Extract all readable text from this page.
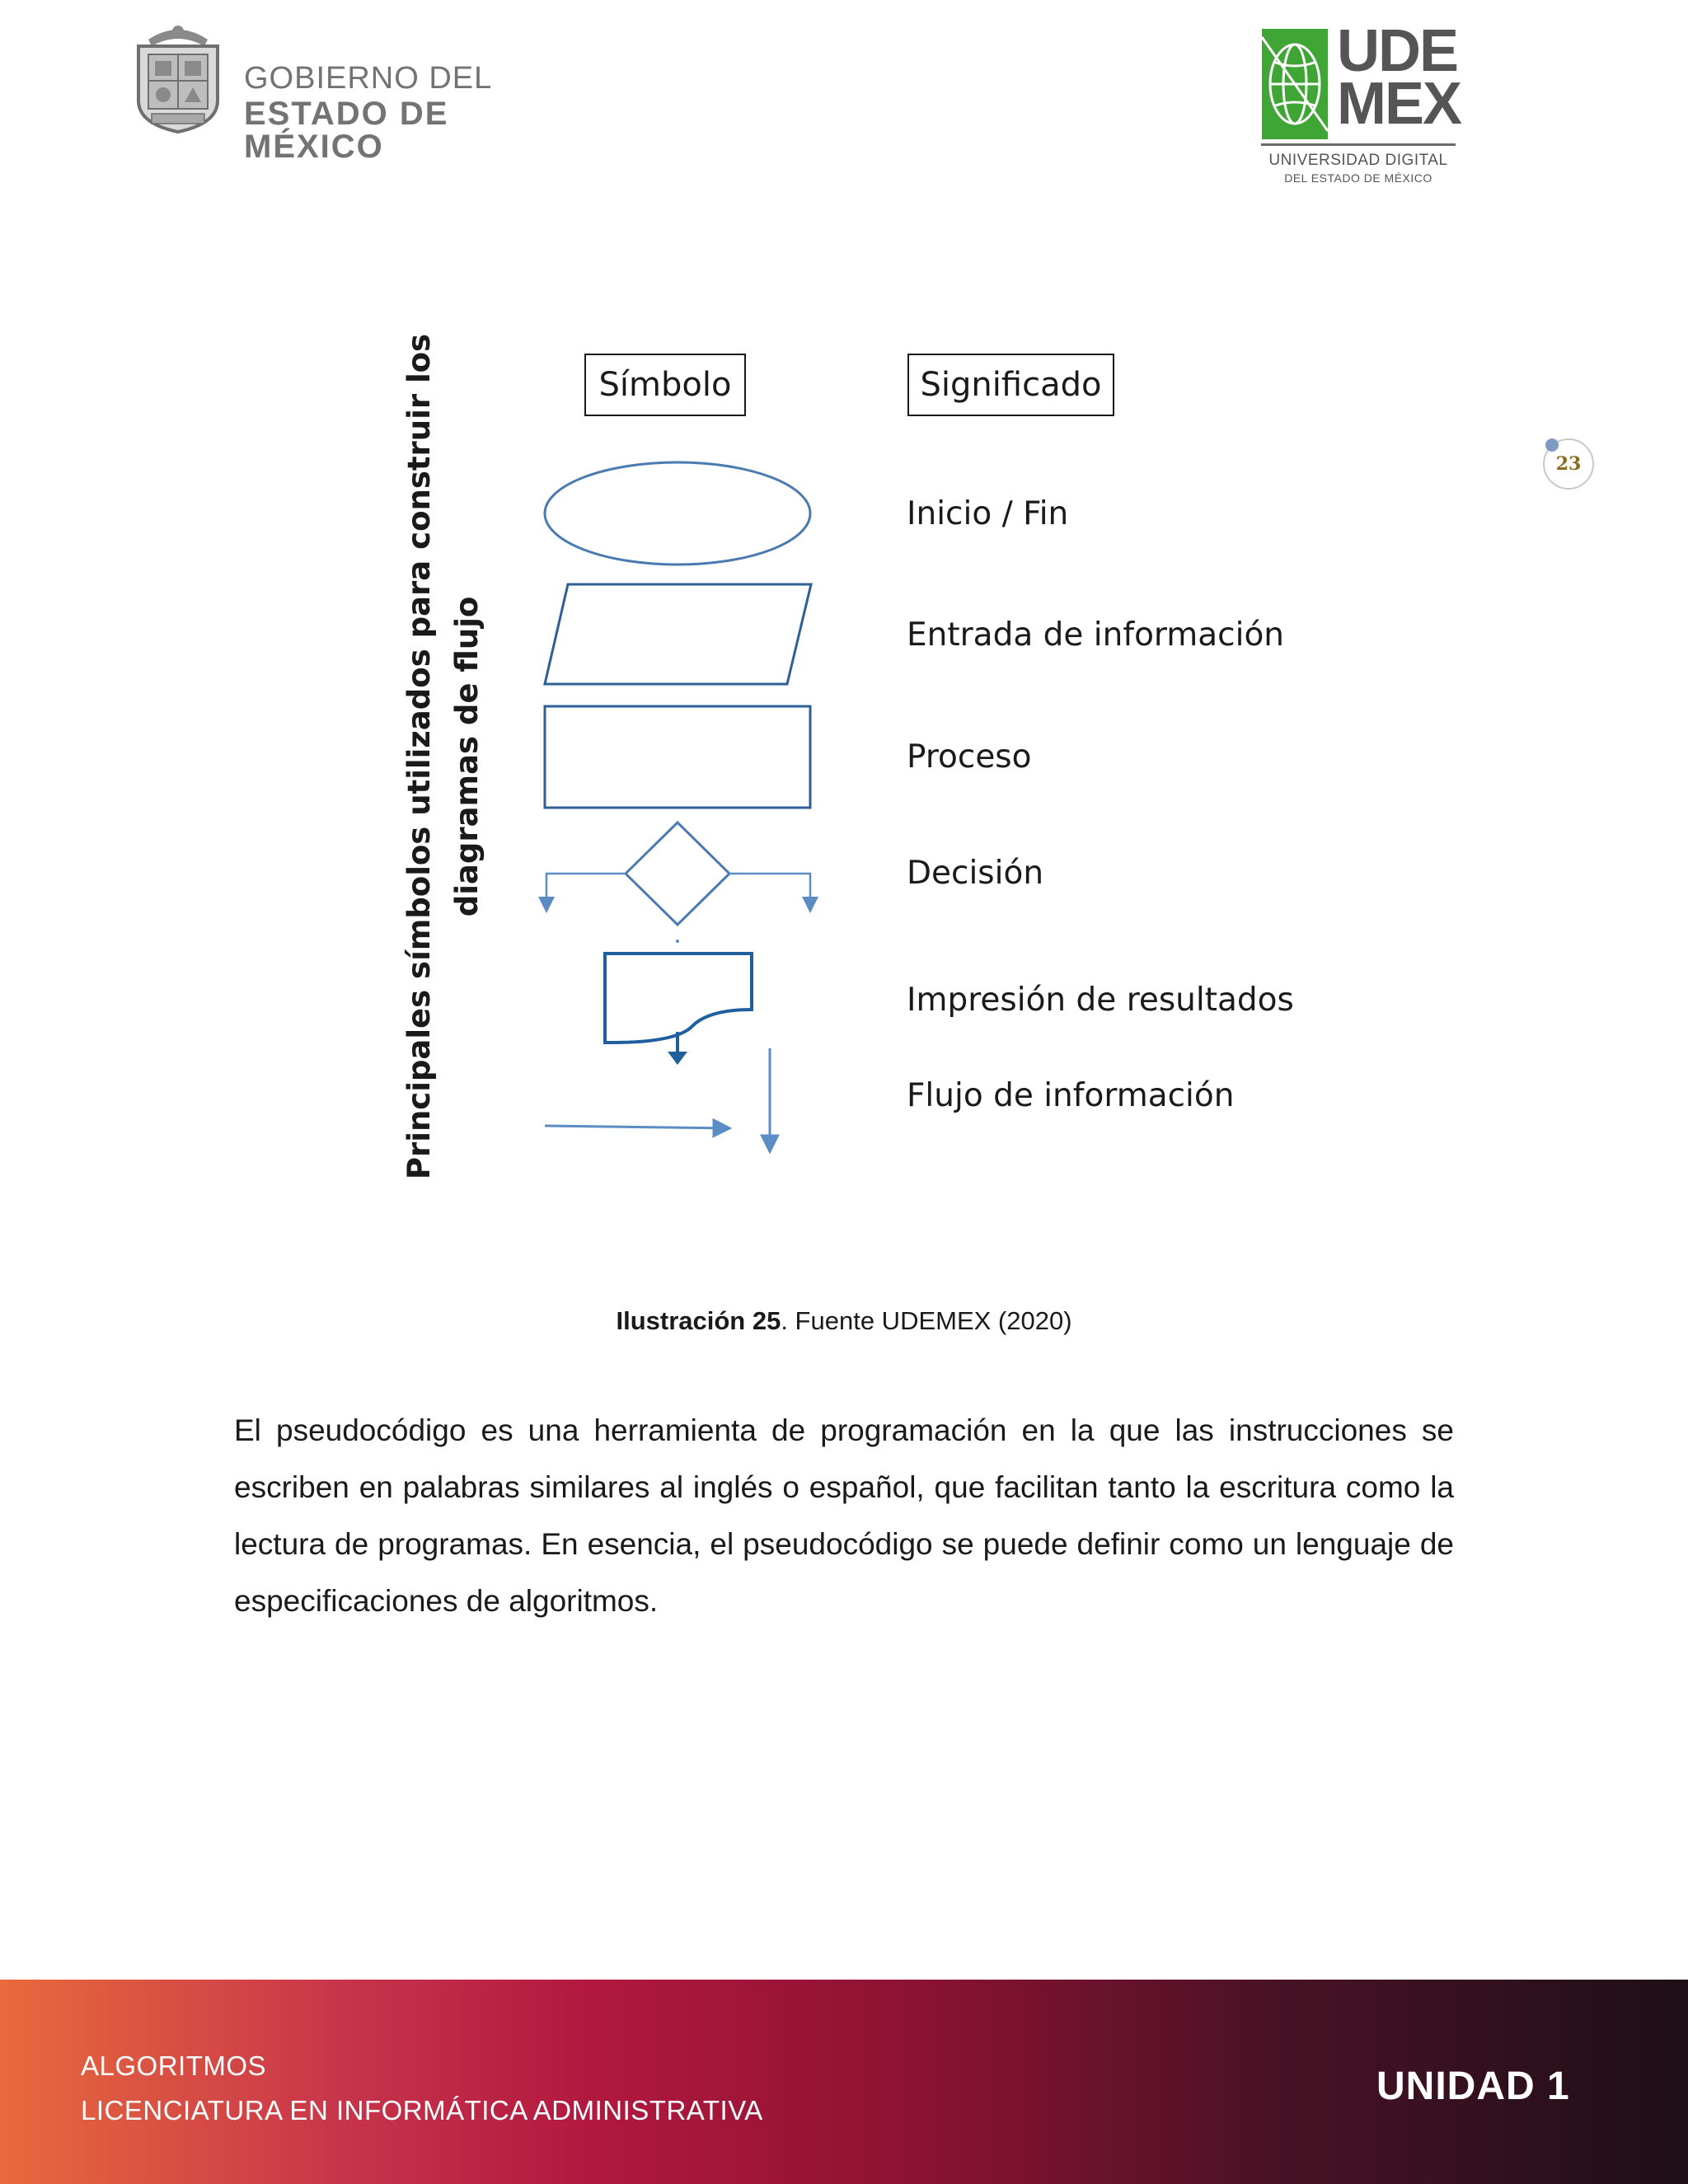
GOBIERNO DEL
ESTADO DE MÉXICO
UDE
MEX
UNIVERSIDAD DIGITAL
DEL ESTADO DE MÉXICO
23
Principales símbolos utilizados para construir los diagramas de flujo
Símbolo	Significado
Inicio / Fin
Entrada de información
Proceso
Decisión
Impresión de resultados
Flujo de información
Ilustración 25. Fuente UDEMEX (2020)

El pseudocódigo es una herramienta de programación en la que las instrucciones se escriben en palabras similares al inglés o español, que facilitan tanto la escritura como la lectura de programas. En esencia, el pseudocódigo se puede definir como un lenguaje de especificaciones de algoritmos.

ALGORITMOS
LICENCIATURA EN INFORMÁTICA ADMINISTRATIVA
UNIDAD 1
